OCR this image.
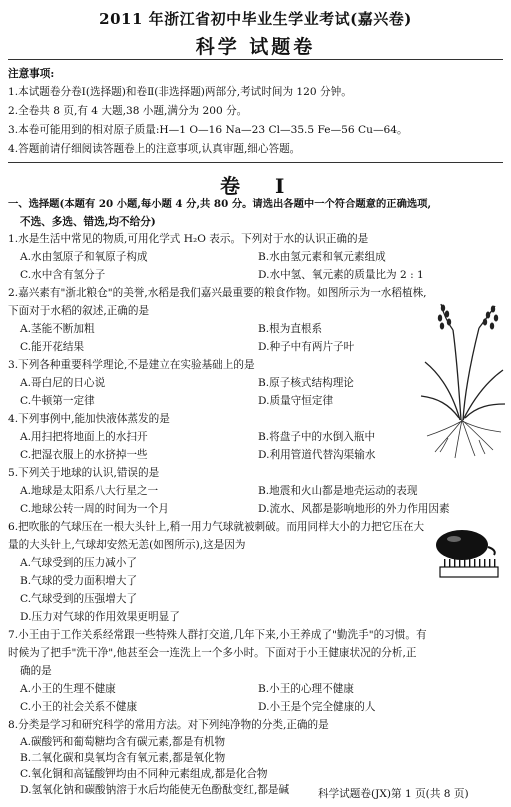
2011 年浙江省初中毕业生学业考试(嘉兴卷)
科学 试题卷
注意事项:
1.本试题卷分卷Ⅰ(选择题)和卷Ⅱ(非选择题)两部分,考试时间为 120 分钟。
2.全卷共 8 页,有 4 大题,38 小题,满分为 200 分。
3.本卷可能用到的相对原子质量:H—1 O—16 Na—23 Cl—35.5 Fe—56 Cu—64。
4.答题前请仔细阅读答题卷上的注意事项,认真审题,细心答题。
卷 Ⅰ
一、选择题(本题有 20 小题,每小题 4 分,共 80 分。请选出各题中一个符合题意的正确选项,
不选、多选、错选,均不给分)
1.水是生活中常见的物质,可用化学式 H₂O 表示。下列对于水的认识正确的是
A.水由氢原子和氧原子构成	B.水由氢元素和氧元素组成
C.水中含有氢分子	D.水中氢、氧元素的质量比为 2 : 1
2.嘉兴素有"浙北粮仓"的美誉,水稻是我们嘉兴最重要的粮食作物。如图所示为一水稻植株,
下面对于水稻的叙述,正确的是
A.茎能不断加粗	B.根为直根系
C.能开花结果	D.种子中有两片子叶
3.下列各种重要科学理论,不是建立在实验基础上的是
A.哥白尼的日心说	B.原子核式结构理论
C.牛顿第一定律	D.质量守恒定律
4.下列事例中,能加快液体蒸发的是
A.用扫把将地面上的水扫开	B.将盘子中的水倒入瓶中
C.把湿衣服上的水挤掉一些	D.利用管道代替沟渠输水
5.下列关于地球的认识,错误的是
A.地球是太阳系八大行星之一	B.地震和火山都是地壳运动的表现
C.地球公转一周的时间为一个月	D.流水、风都是影响地形的外力作用因素
6.把吹胀的气球压在一根大头针上,稍一用力气球就被刺破。而用同样大小的力把它压在大
量的大头针上,气球却安然无恙(如图所示),这是因为
A.气球受到的压力减小了
B.气球的受力面积增大了
C.气球受到的压强增大了
D.压力对气球的作用效果更明显了
7.小王由于工作关系经常跟一些特殊人群打交道,几年下来,小王养成了"勤洗手"的习惯。有
时候为了把手"洗干净",他甚至会一连洗上一个多小时。下面对于小王健康状况的分析,正
确的是
A.小王的生理不健康	B.小王的心理不健康
C.小王的社会关系不健康	D.小王是个完全健康的人
8.分类是学习和研究科学的常用方法。对下列纯净物的分类,正确的是
A.碳酸钙和葡萄糖均含有碳元素,都是有机物
B.二氧化碳和臭氧均含有氧元素,都是氧化物
C.氧化铜和高锰酸钾均由不同种元素组成,都是化合物
D.氢氧化钠和碳酸钠溶于水后均能使无色酚酞变红,都是碱	科学试题卷(JX)第 1 页(共 8 页)
